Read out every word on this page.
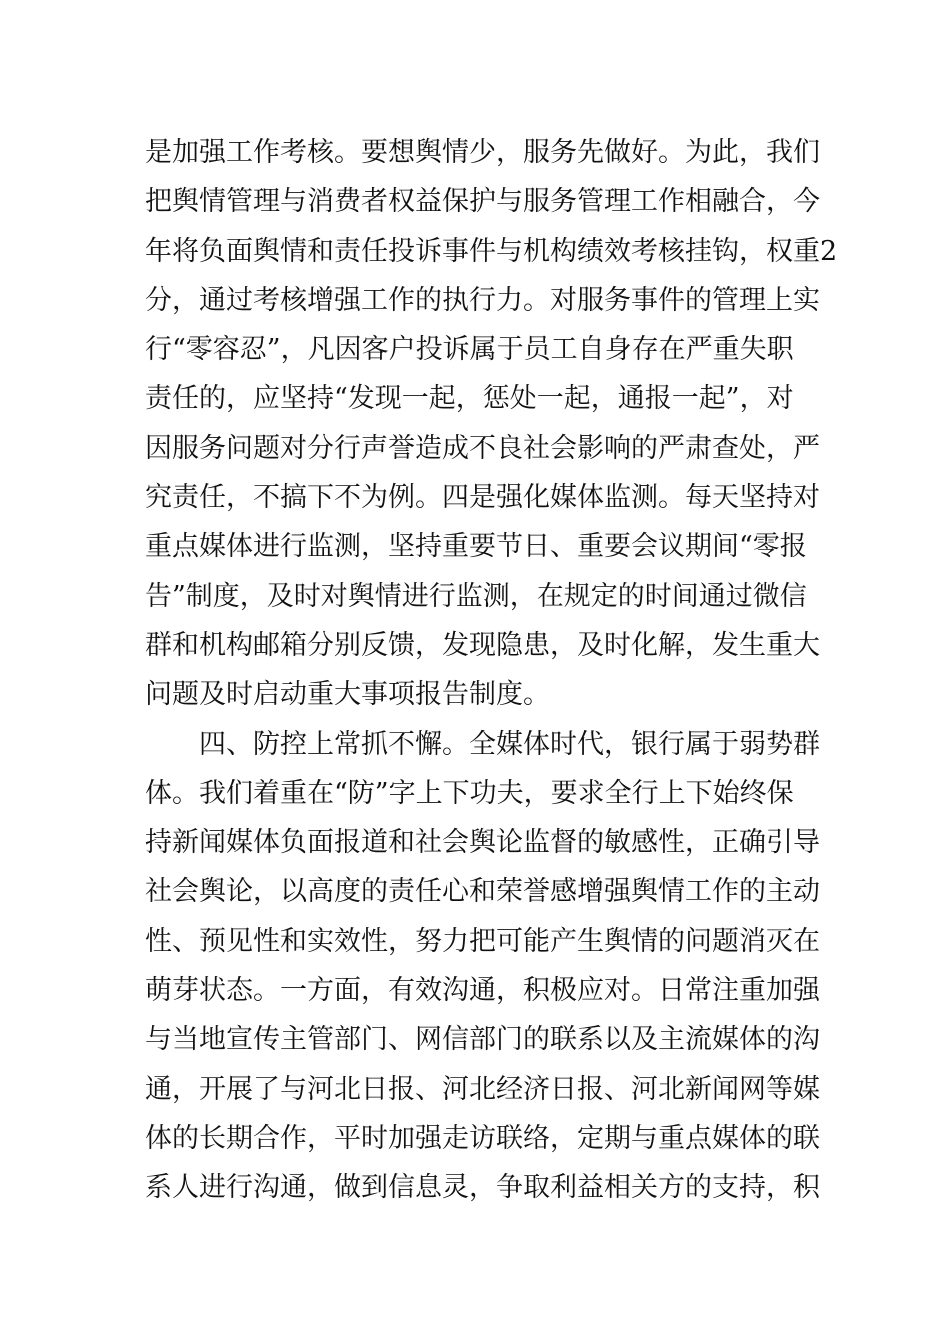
是加强工作考核。要想舆情少，服务先做好。为此，我们
把舆情管理与消费者权益保护与服务管理工作相融合，今
年将负面舆情和责任投诉事件与机构绩效考核挂钩，权重2
分，通过考核增强工作的执行力。对服务事件的管理上实
行“零容忍”，凡因客户投诉属于员工自身存在严重失职
责任的，应坚持“发现一起，惩处一起，通报一起”，对
因服务问题对分行声誉造成不良社会影响的严肃查处，严
究责任，不搞下不为例。四是强化媒体监测。每天坚持对
重点媒体进行监测，坚持重要节日、重要会议期间“零报
告”制度，及时对舆情进行监测，在规定的时间通过微信
群和机构邮箱分别反馈，发现隐患，及时化解，发生重大
问题及时启动重大事项报告制度。
四、防控上常抓不懈。全媒体时代，银行属于弱势群
体。我们着重在“防”字上下功夫，要求全行上下始终保
持新闻媒体负面报道和社会舆论监督的敏感性，正确引导
社会舆论，以高度的责任心和荣誉感增强舆情工作的主动
性、预见性和实效性，努力把可能产生舆情的问题消灭在
萌芽状态。一方面，有效沟通，积极应对。日常注重加强
与当地宣传主管部门、网信部门的联系以及主流媒体的沟
通，开展了与河北日报、河北经济日报、河北新闻网等媒
体的长期合作，平时加强走访联络，定期与重点媒体的联
系人进行沟通，做到信息灵，争取利益相关方的支持，积
